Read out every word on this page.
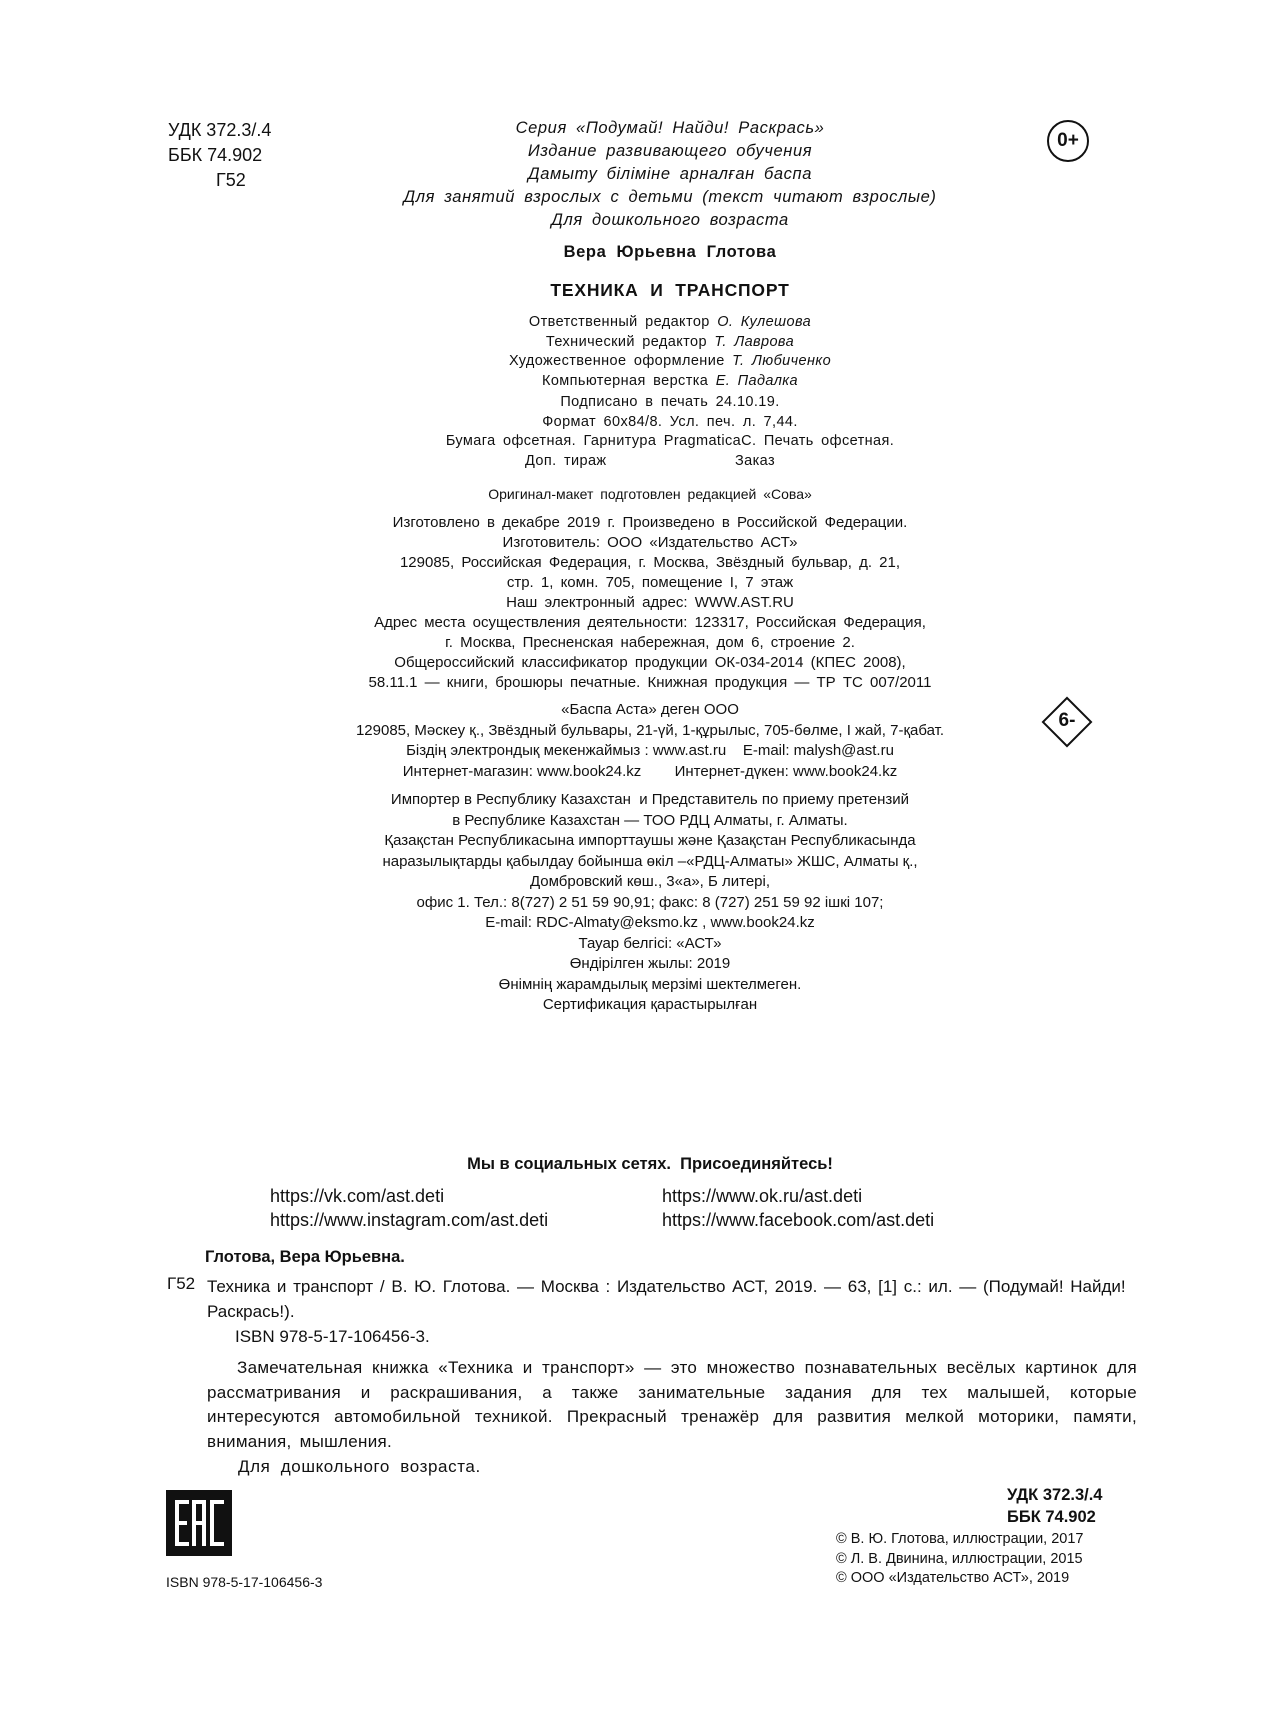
УДК 372.3/.4
ББК 74.902
Г52
Серия «Подумай! Найди! Раскрась»
Издание развивающего обучения
Дамыту біліміне арналған баспа
Для занятий взрослых с детьми (текст читают взрослые)
Для дошкольного возраста
0+
Вера Юрьевна Глотова
ТЕХНИКА И ТРАНСПОРТ
Ответственный редактор О. Кулешова
Технический редактор Т. Лаврова
Художественное оформление Т. Любиченко
Компьютерная верстка Е. Падалка
Подписано в печать 24.10.19.
Формат 60х84/8. Усл. печ. л. 7,44.
Бумага офсетная. Гарнитура PragmaticaC. Печать офсетная.
Доп. тираж	Заказ
Оригинал-макет подготовлен редакцией «Сова»
Изготовлено в декабре 2019 г. Произведено в Российской Федерации.
Изготовитель: ООО «Издательство АСТ»
129085, Российская Федерация, г. Москва, Звёздный бульвар, д. 21,
стр. 1, комн. 705, помещение I, 7 этаж
Наш электронный адрес: WWW.AST.RU
Адрес места осуществления деятельности: 123317, Российская Федерация,
г. Москва, Пресненская набережная, дом 6, строение 2.
Общероссийский классификатор продукции ОК-034-2014 (КПЕС 2008),
58.11.1 — книги, брошюры печатные. Книжная продукция — ТР ТС 007/2011
6-
«Баспа Аста» деген ООО
129085, Мәскеу қ., Звёздный бульвары, 21-үй, 1-құрылыс, 705-бөлме, I жай, 7-қабат.
Біздің электрондық мекенжаймыз : www.ast.ru    E-mail: malysh@ast.ru
Интернет-магазин: www.book24.kz        Интернет-дүкен: www.book24.kz
Импортер в Республику Казахстан  и Представитель по приему претензий
в Республике Казахстан — ТОО РДЦ Алматы, г. Алматы.
Қазақстан Республикасына импорттаушы және Қазақстан Республикасында
наразылықтарды қабылдау бойынша өкіл –«РДЦ-Алматы» ЖШС, Алматы қ.,
Домбровский көш., 3«а», Б литері,
офис 1. Тел.: 8(727) 2 51 59 90,91; факс: 8 (727) 251 59 92 ішкі 107;
E-mail: RDC-Almaty@eksmo.kz , www.book24.kz
Тауар белгісі: «АСТ»
Өндірілген жылы: 2019
Өнімнің жарамдылық мерзімі шектелмеген.
Сертификация қарастырылған
Мы в социальных сетях.  Присоединяйтесь!
https://vk.com/ast.deti
https://www.instagram.com/ast.deti
https://www.ok.ru/ast.deti
https://www.facebook.com/ast.deti
Глотова, Вера Юрьевна.
Г52 Техника и транспорт / В. Ю. Глотова. — Москва : Издательство АСТ, 2019. — 63, [1] с.: ил. — (Подумай! Найди! Раскрась!).
ISBN 978-5-17-106456-3.

Замечательная книжка «Техника и транспорт» — это множество познавательных весёлых картинок для рассматривания и раскрашивания, а также занимательные задания для тех малышей, которые интересуются автомобильной техникой. Прекрасный тренажёр для развития мелкой моторики, памяти, внимания, мышления.

Для дошкольного возраста.
ISBN 978-5-17-106456-3
УДК 372.3/.4
ББК 74.902
© В. Ю. Глотова, иллюстрации, 2017
© Л. В. Двинина, иллюстрации, 2015
© ООО «Издательство АСТ», 2019
